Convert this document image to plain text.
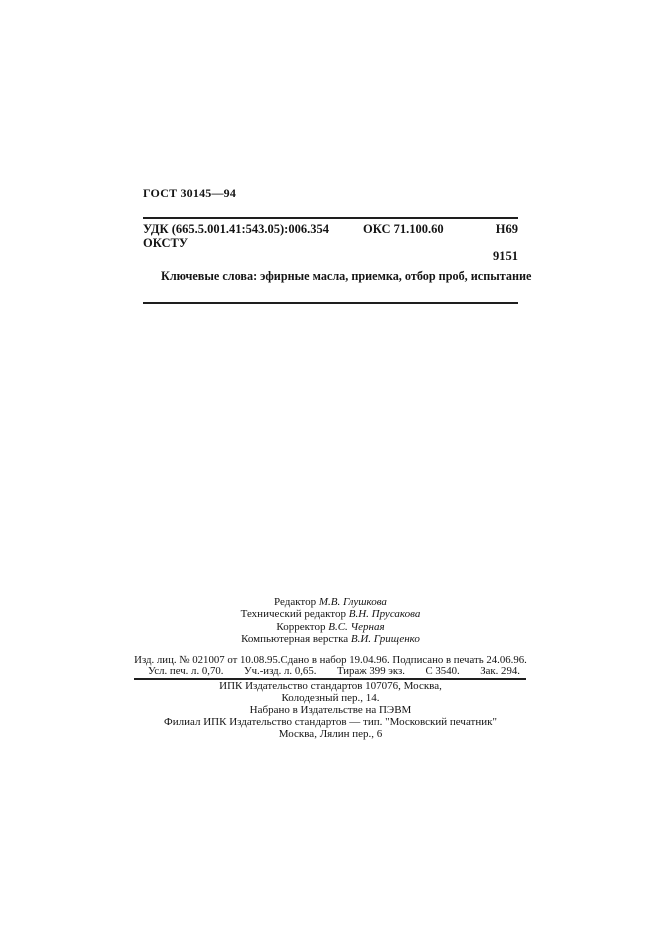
ГОСТ 30145—94
УДК (665.5.001.41:543.05):006.354	ОКС 71.100.60	Н69
ОКСТУ
9151

Ключевые слова: эфирные масла, приемка, отбор проб, испытание

Редактор М.В. Глушкова
Технический редактор В.Н. Прусакова
Корректор В.С. Черная
Компьютерная верстка В.И. Грищенко
Изд. лиц. № 021007 от 10.08.95.Сдано в набор 19.04.96. Подписано в печать 24.06.96.
Усл. печ. л. 0,70. Уч.-изд. л. 0,65. Тираж 399 экз. С 3540. Зак. 294.
ИПК Издательство стандартов 107076, Москва,
Колодезный пер., 14.
Набрано в Издательстве на ПЭВМ
Филиал ИПК Издательство стандартов — тип. "Московский печатник"
Москва, Лялин пер., 6
